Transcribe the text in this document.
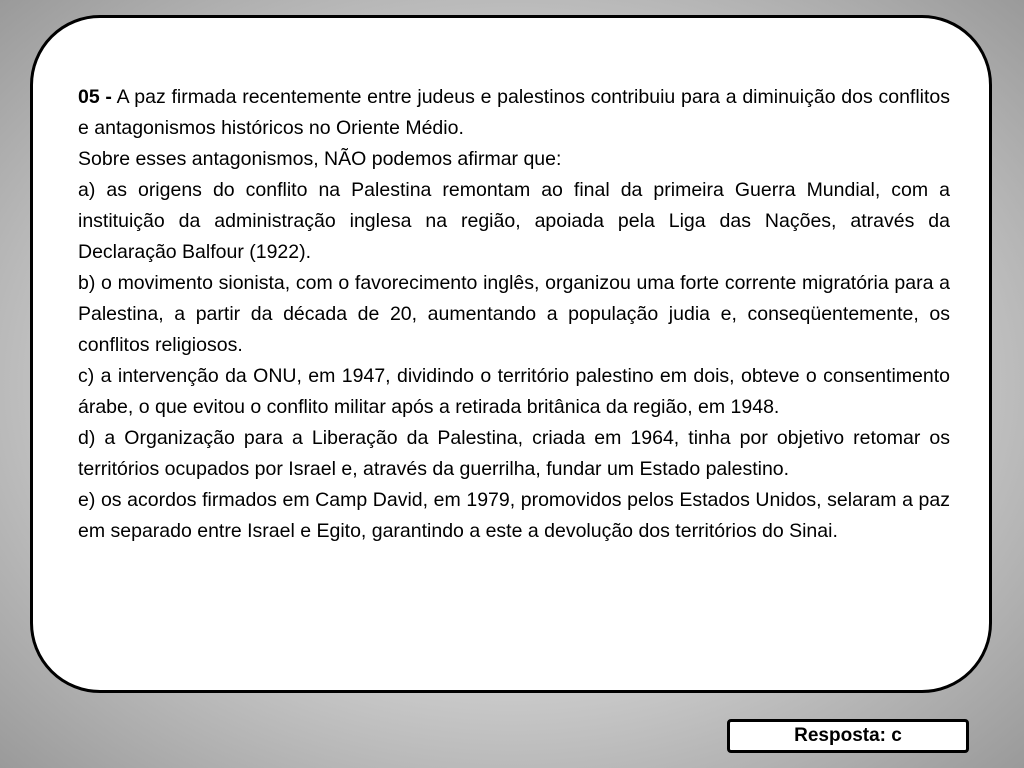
05 - A paz firmada recentemente entre judeus e palestinos contribuiu para a diminuição dos conflitos e antagonismos históricos no Oriente Médio.

Sobre esses antagonismos, NÃO podemos afirmar que:

a) as origens do conflito na Palestina remontam ao final da primeira Guerra Mundial, com a instituição da administração inglesa na região, apoiada pela Liga das Nações, através da Declaração Balfour (1922).

b) o movimento sionista, com o favorecimento inglês, organizou uma forte corrente migratória para a Palestina, a partir da década de 20, aumentando a população judia e, conseqüentemente, os conflitos religiosos.

c) a intervenção da ONU, em 1947, dividindo o território palestino em dois, obteve o consentimento árabe, o que evitou o conflito militar após a retirada britânica da região, em 1948.

d) a Organização para a Liberação da Palestina, criada em 1964, tinha por objetivo retomar os territórios ocupados por Israel e, através da guerrilha, fundar um Estado palestino.

e) os acordos firmados em Camp David, em 1979, promovidos pelos Estados Unidos, selaram a paz em separado entre Israel e Egito, garantindo a este a devolução dos territórios do Sinai.

Resposta: c
